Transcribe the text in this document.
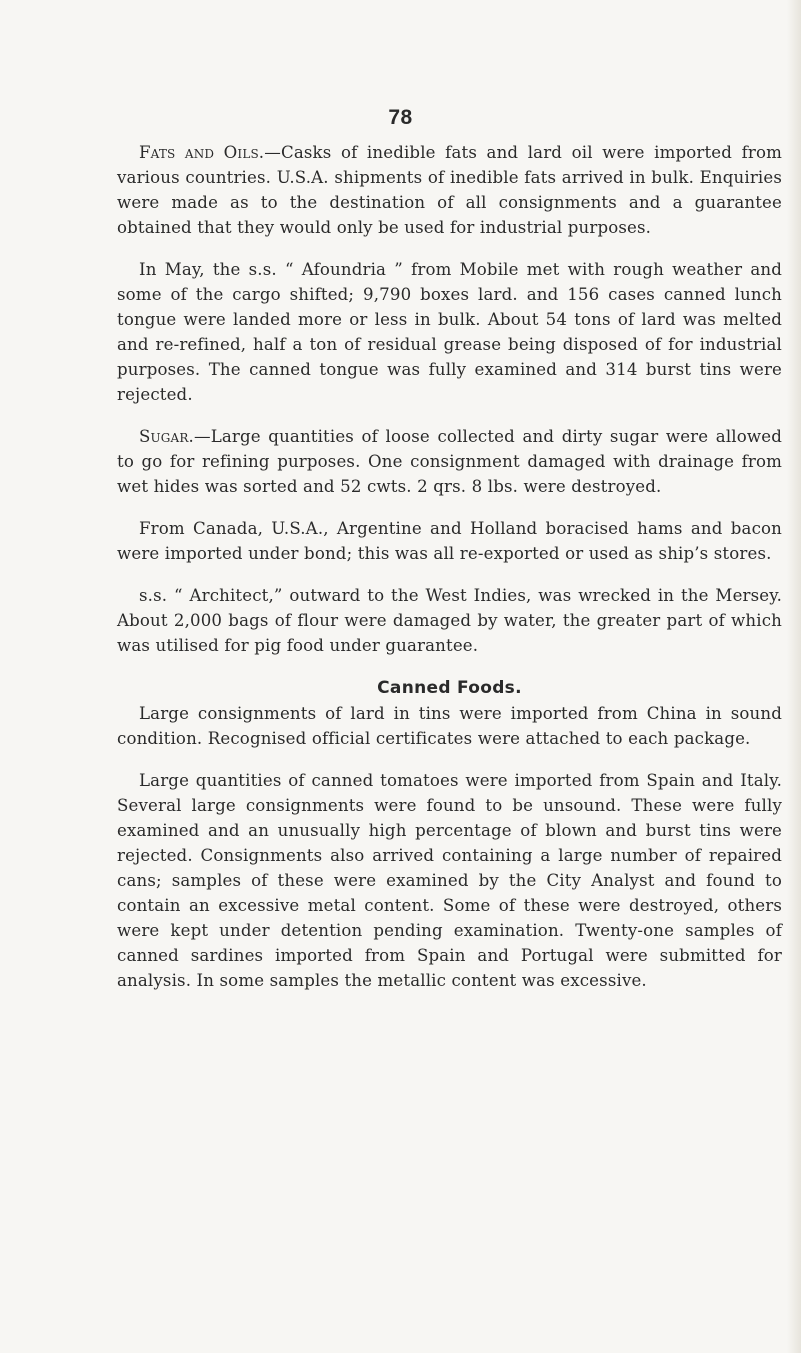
78

Fats and Oils.—Casks of inedible fats and lard oil were imported from various countries. U.S.A. shipments of inedible fats arrived in bulk. Enquiries were made as to the destination of all consignments and a guarantee obtained that they would only be used for industrial purposes.

In May, the s.s. “ Afoundria ” from Mobile met with rough weather and some of the cargo shifted; 9,790 boxes lard. and 156 cases canned lunch tongue were landed more or less in bulk. About 54 tons of lard was melted and re-refined, half a ton of residual grease being disposed of for industrial purposes. The canned tongue was fully examined and 314 burst tins were rejected.

Sugar.—Large quantities of loose collected and dirty sugar were allowed to go for refining purposes. One consignment damaged with drainage from wet hides was sorted and 52 cwts. 2 qrs. 8 lbs. were destroyed.

From Canada, U.S.A., Argentine and Holland boracised hams and bacon were imported under bond; this was all re-exported or used as ship’s stores.

s.s. “ Architect,” outward to the West Indies, was wrecked in the Mersey. About 2,000 bags of flour were damaged by water, the greater part of which was utilised for pig food under guarantee.

Canned Foods.

Large consignments of lard in tins were imported from China in sound condition. Recognised official certificates were attached to each package.

Large quantities of canned tomatoes were imported from Spain and Italy. Several large consignments were found to be unsound. These were fully examined and an unusually high percentage of blown and burst tins were rejected. Consignments also arrived containing a large number of repaired cans; samples of these were examined by the City Analyst and found to contain an excessive metal content. Some of these were destroyed, others were kept under detention pending examination. Twenty-one samples of canned sardines imported from Spain and Portugal were submitted for analysis. In some samples the metallic content was excessive.
